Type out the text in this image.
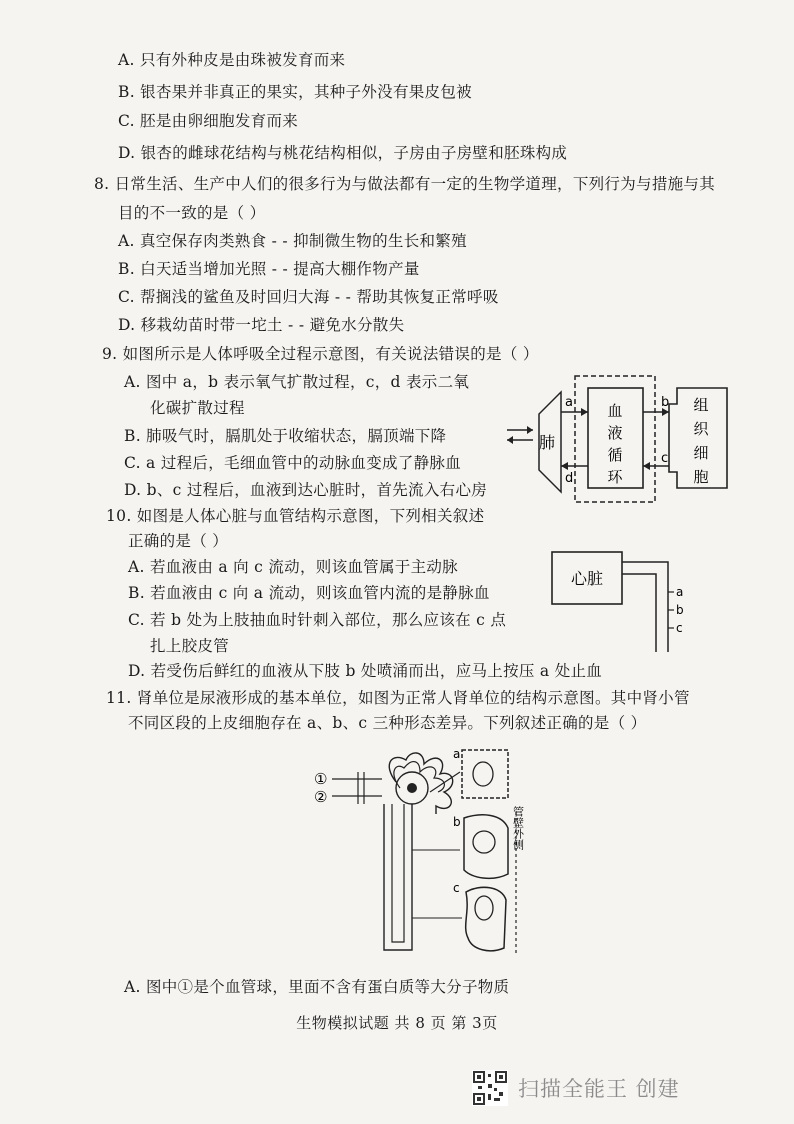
A. 只有外种皮是由珠被发育而来
B. 银杏果并非真正的果实，其种子外没有果皮包被
C. 胚是由卵细胞发育而来
D. 银杏的雌球花结构与桃花结构相似，子房由子房壁和胚珠构成
8. 日常生活、生产中人们的很多行为与做法都有一定的生物学道理，下列行为与措施与其
目的不一致的是（ ）
A. 真空保存肉类熟食 - - 抑制微生物的生长和繁殖
B. 白天适当增加光照 - - 提高大棚作物产量
C. 帮搁浅的鲨鱼及时回归大海 - - 帮助其恢复正常呼吸
D. 移栽幼苗时带一坨土 - - 避免水分散失
9. 如图所示是人体呼吸全过程示意图，有关说法错误的是（ ）
A. 图中 a，b 表示氧气扩散过程，c，d 表示二氧
化碳扩散过程
B. 肺吸气时，膈肌处于收缩状态，膈顶端下降
C. a 过程后，毛细血管中的动脉血变成了静脉血
D. b、c 过程后，血液到达心脏时，首先流入右心房
血
液
循
环
肺
a
d
组
织
细
胞
b
c
10. 如图是人体心脏与血管结构示意图，下列相关叙述
正确的是（ ）
A. 若血液由 a 向 c 流动，则该血管属于主动脉
B. 若血液由 c 向 a 流动，则该血管内流的是静脉血
C. 若 b 处为上肢抽血时针刺入部位，那么应该在 c 点
扎上胶皮管
D. 若受伤后鲜红的血液从下肢 b 处喷涌而出，应马上按压 a 处止血
心脏
a
b
c
11. 肾单位是尿液形成的基本单位，如图为正常人肾单位的结构示意图。其中肾小管
不同区段的上皮细胞存在 a、b、c 三种形态差异。下列叙述正确的是（ ）
①
②
a
b
c
管壁外侧
A. 图中①是个血管球，里面不含有蛋白质等大分子物质
生物模拟试题 共 8 页 第 3页
扫描全能王 创建
